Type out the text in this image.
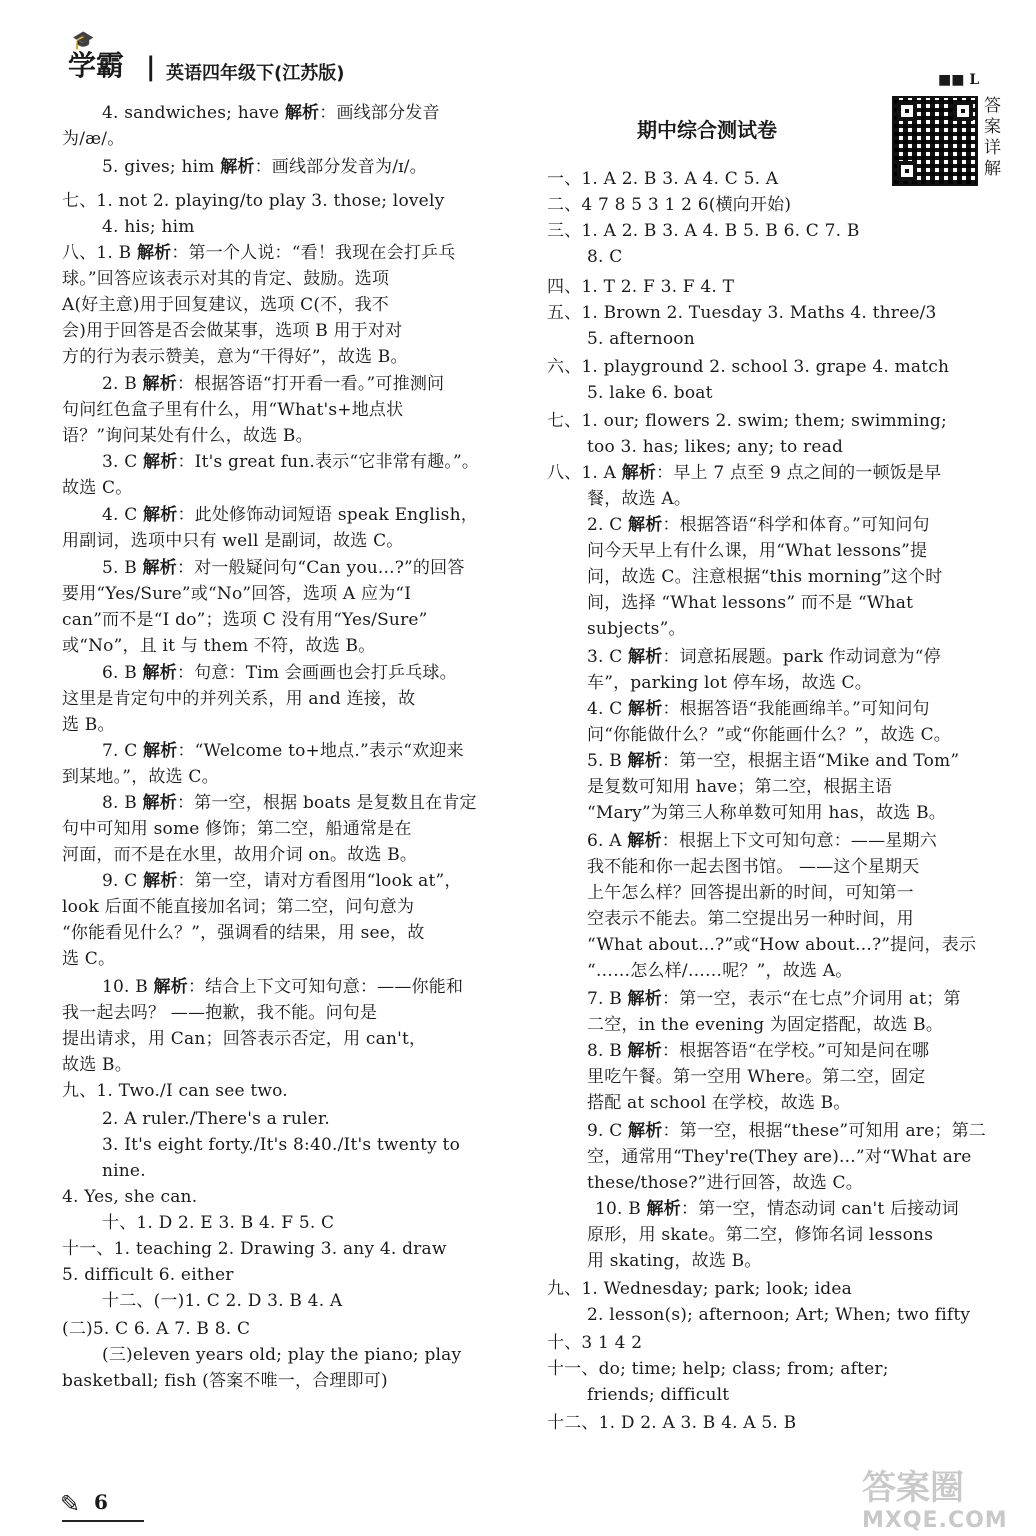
🎓
学霸 | 英语四年级下(江苏版)	■■ L
4. sandwiches; have 解析：画线部分发音
为/æ/。
5. gives; him 解析：画线部分发音为/ɪ/。
七、1. not 2. playing/to play 3. those; lovely
4. his; him
八、1. B 解析：第一个人说：“看！我现在会打乒乓
球。”回答应该表示对其的肯定、鼓励。选项
A(好主意)用于回复建议，选项 C(不，我不
会)用于回答是否会做某事，选项 B 用于对对
方的行为表示赞美，意为“干得好”，故选 B。
2. B 解析：根据答语“打开看一看。”可推测问
句问红色盒子里有什么，用“What's+地点状
语？”询问某处有什么，故选 B。
3. C 解析：It's great fun.表示“它非常有趣。”。
故选 C。
4. C 解析：此处修饰动词短语 speak English，
用副词，选项中只有 well 是副词，故选 C。
5. B 解析：对一般疑问句“Can you...?”的回答
要用“Yes/Sure”或“No”回答，选项 A 应为“I
can”而不是“I do”；选项 C 没有用“Yes/Sure”
或“No”，且 it 与 them 不符，故选 B。
6. B 解析：句意：Tim 会画画也会打乒乓球。
这里是肯定句中的并列关系，用 and 连接，故
选 B。
7. C 解析：“Welcome to+地点.”表示“欢迎来
到某地。”，故选 C。
8. B 解析：第一空，根据 boats 是复数且在肯定
句中可知用 some 修饰；第二空，船通常是在
河面，而不是在水里，故用介词 on。故选 B。
9. C 解析：第一空，请对方看图用“look at”，
look 后面不能直接加名词；第二空，问句意为
“你能看见什么？”，强调看的结果，用 see，故
选 C。
10. B 解析：结合上下文可知句意：——你能和
我一起去吗？ ——抱歉，我不能。问句是
提出请求，用 Can；回答表示否定，用 can't，
故选 B。
九、1. Two./I can see two.
2. A ruler./There's a ruler.
3. It's eight forty./It's 8:40./It's twenty to
nine.
4. Yes, she can.
十、1. D 2. E 3. B 4. F 5. C
十一、1. teaching 2. Drawing 3. any 4. draw
5. difficult 6. either
十二、(一)1. C 2. D 3. B 4. A
(二)5. C 6. A 7. B 8. C
(三)eleven years old; play the piano; play
basketball; fish (答案不唯一，合理即可)
期中综合测试卷
答案详解
一、1. A 2. B 3. A 4. C 5. A
二、4 7 8 5 3 1 2 6(横向开始)
三、1. A 2. B 3. A 4. B 5. B 6. C 7. B
8. C
四、1. T 2. F 3. F 4. T
五、1. Brown 2. Tuesday 3. Maths 4. three/3
5. afternoon
六、1. playground 2. school 3. grape 4. match
5. lake 6. boat
七、1. our; flowers 2. swim; them; swimming;
too 3. has; likes; any; to read
八、1. A 解析：早上 7 点至 9 点之间的一顿饭是早
餐，故选 A。
2. C 解析：根据答语“科学和体育。”可知问句
问今天早上有什么课，用“What lessons”提
问，故选 C。注意根据“this morning”这个时
间，选择 “What lessons” 而不是 “What
subjects”。
3. C 解析：词意拓展题。park 作动词意为“停
车”，parking lot 停车场，故选 C。
4. C 解析：根据答语“我能画绵羊。”可知问句
问“你能做什么？”或“你能画什么？”，故选 C。
5. B 解析：第一空，根据主语“Mike and Tom”
是复数可知用 have；第二空，根据主语
“Mary”为第三人称单数可知用 has，故选 B。
6. A 解析：根据上下文可知句意：——星期六
我不能和你一起去图书馆。 ——这个星期天
上午怎么样？回答提出新的时间，可知第一
空表示不能去。第二空提出另一种时间，用
“What about...?”或“How about...?”提问，表示
“……怎么样/……呢？”，故选 A。
7. B 解析：第一空，表示“在七点”介词用 at；第
二空，in the evening 为固定搭配，故选 B。
8. B 解析：根据答语“在学校。”可知是问在哪
里吃午餐。第一空用 Where。第二空，固定
搭配 at school 在学校，故选 B。
9. C 解析：第一空，根据“these”可知用 are；第二
空，通常用“They're(They are)...”对“What are
these/those?”进行回答，故选 C。
10. B 解析：第一空，情态动词 can't 后接动词
原形，用 skate。第二空，修饰名词 lessons
用 skating，故选 B。
九、1. Wednesday; park; look; idea
2. lesson(s); afternoon; Art; When; two fifty
十、3 1 4 2
十一、do; time; help; class; from; after;
friends; difficult
十二、1. D 2. A 3. B 4. A 5. B
✎ 6	答案圈
MXQE.COM
